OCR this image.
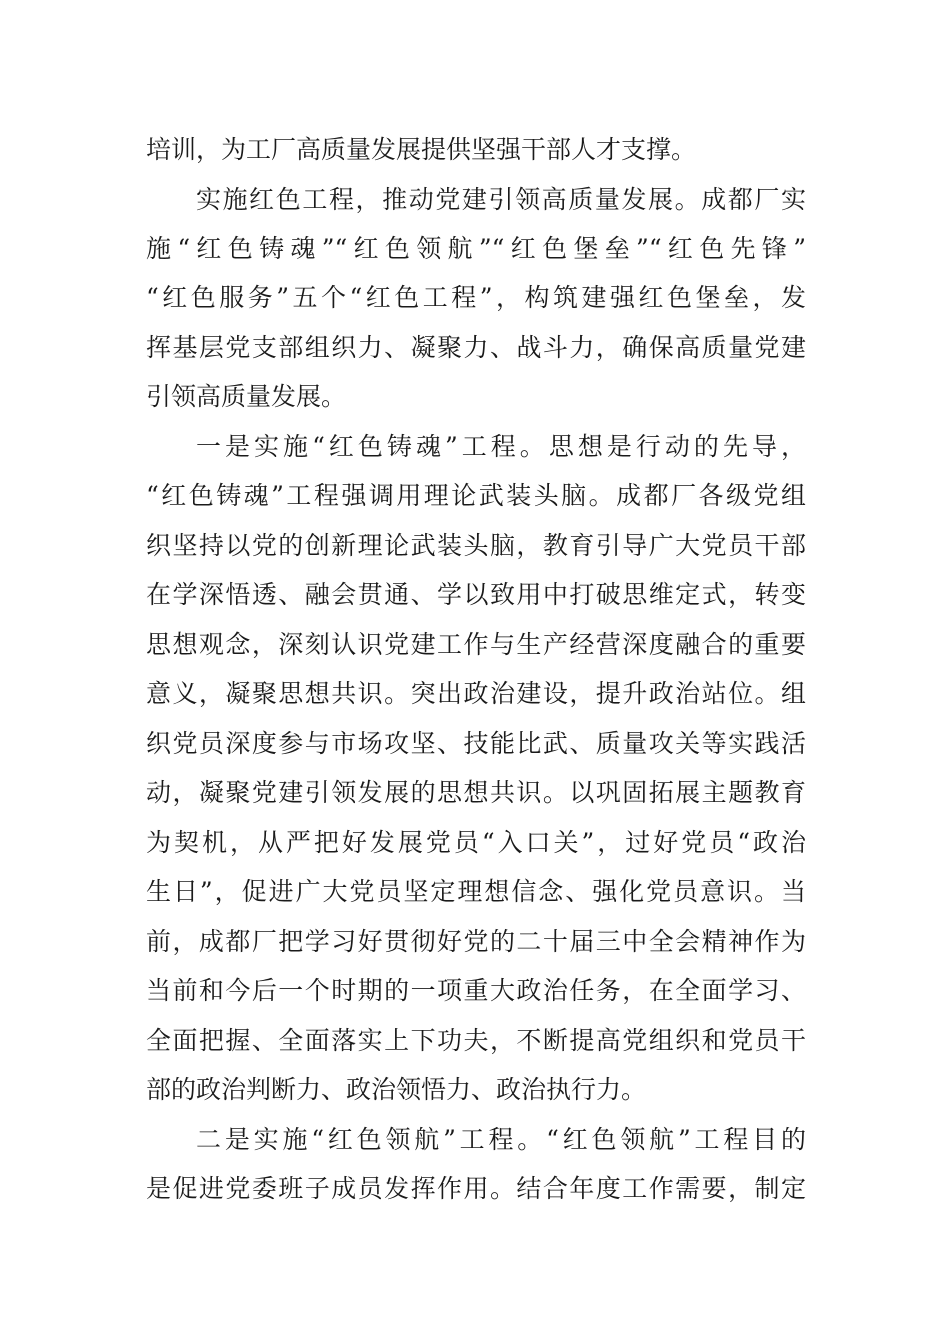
培训，为工厂高质量发展提供坚强干部人才支撑。
实施红色工程，推动党建引领高质量发展。成都厂实
施“红色铸魂”“红色领航”“红色堡垒”“红色先锋”
“红色服务”五个“红色工程”，构筑建强红色堡垒，发
挥基层党支部组织力、凝聚力、战斗力，确保高质量党建
引领高质量发展。
一是实施“红色铸魂”工程。思想是行动的先导，
“红色铸魂”工程强调用理论武装头脑。成都厂各级党组
织坚持以党的创新理论武装头脑，教育引导广大党员干部
在学深悟透、融会贯通、学以致用中打破思维定式，转变
思想观念，深刻认识党建工作与生产经营深度融合的重要
意义，凝聚思想共识。突出政治建设，提升政治站位。组
织党员深度参与市场攻坚、技能比武、质量攻关等实践活
动，凝聚党建引领发展的思想共识。以巩固拓展主题教育
为契机，从严把好发展党员“入口关”，过好党员“政治
生日”，促进广大党员坚定理想信念、强化党员意识。当
前，成都厂把学习好贯彻好党的二十届三中全会精神作为
当前和今后一个时期的一项重大政治任务，在全面学习、
全面把握、全面落实上下功夫，不断提高党组织和党员干
部的政治判断力、政治领悟力、政治执行力。
二是实施“红色领航”工程。“红色领航”工程目的
是促进党委班子成员发挥作用。结合年度工作需要，制定
